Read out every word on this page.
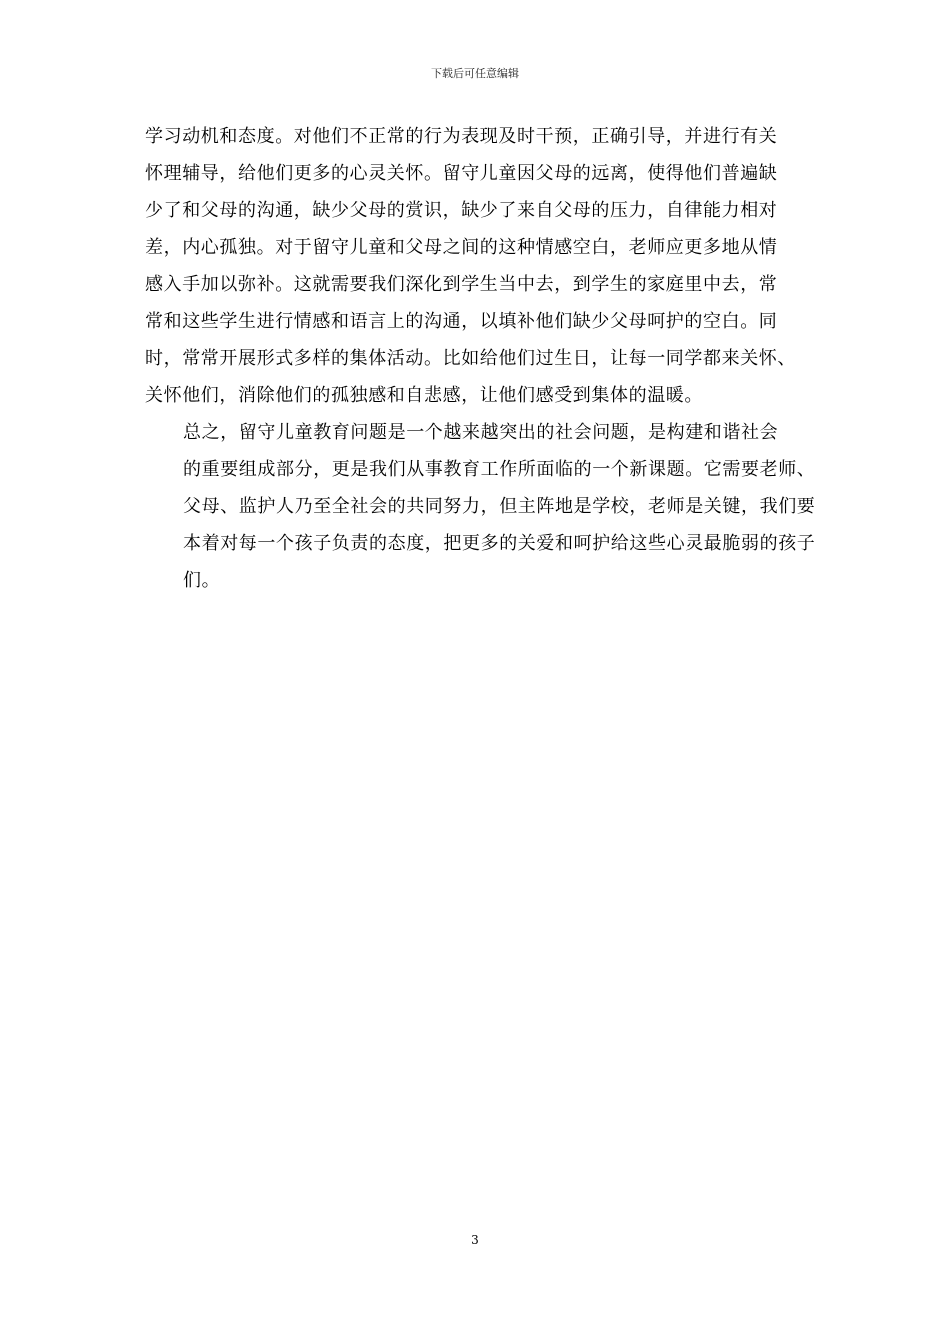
下载后可任意编辑

学习动机和态度。对他们不正常的行为表现及时干预，正确引导，并进行有关
怀理辅导，给他们更多的心灵关怀。留守儿童因父母的远离，使得他们普遍缺
少了和父母的沟通，缺少父母的赏识，缺少了来自父母的压力，自律能力相对
差，内心孤独。对于留守儿童和父母之间的这种情感空白，老师应更多地从情
感入手加以弥补。这就需要我们深化到学生当中去，到学生的家庭里中去，常
常和这些学生进行情感和语言上的沟通，以填补他们缺少父母呵护的空白。同
时，常常开展形式多样的集体活动。比如给他们过生日，让每一同学都来关怀、
关怀他们，消除他们的孤独感和自悲感，让他们感受到集体的温暖。

总之，留守儿童教育问题是一个越来越突出的社会问题，是构建和谐社会
的重要组成部分，更是我们从事教育工作所面临的一个新课题。它需要老师、
父母、监护人乃至全社会的共同努力，但主阵地是学校，老师是关键，我们要
本着对每一个孩子负责的态度，把更多的关爱和呵护给这些心灵最脆弱的孩子
们。

3
